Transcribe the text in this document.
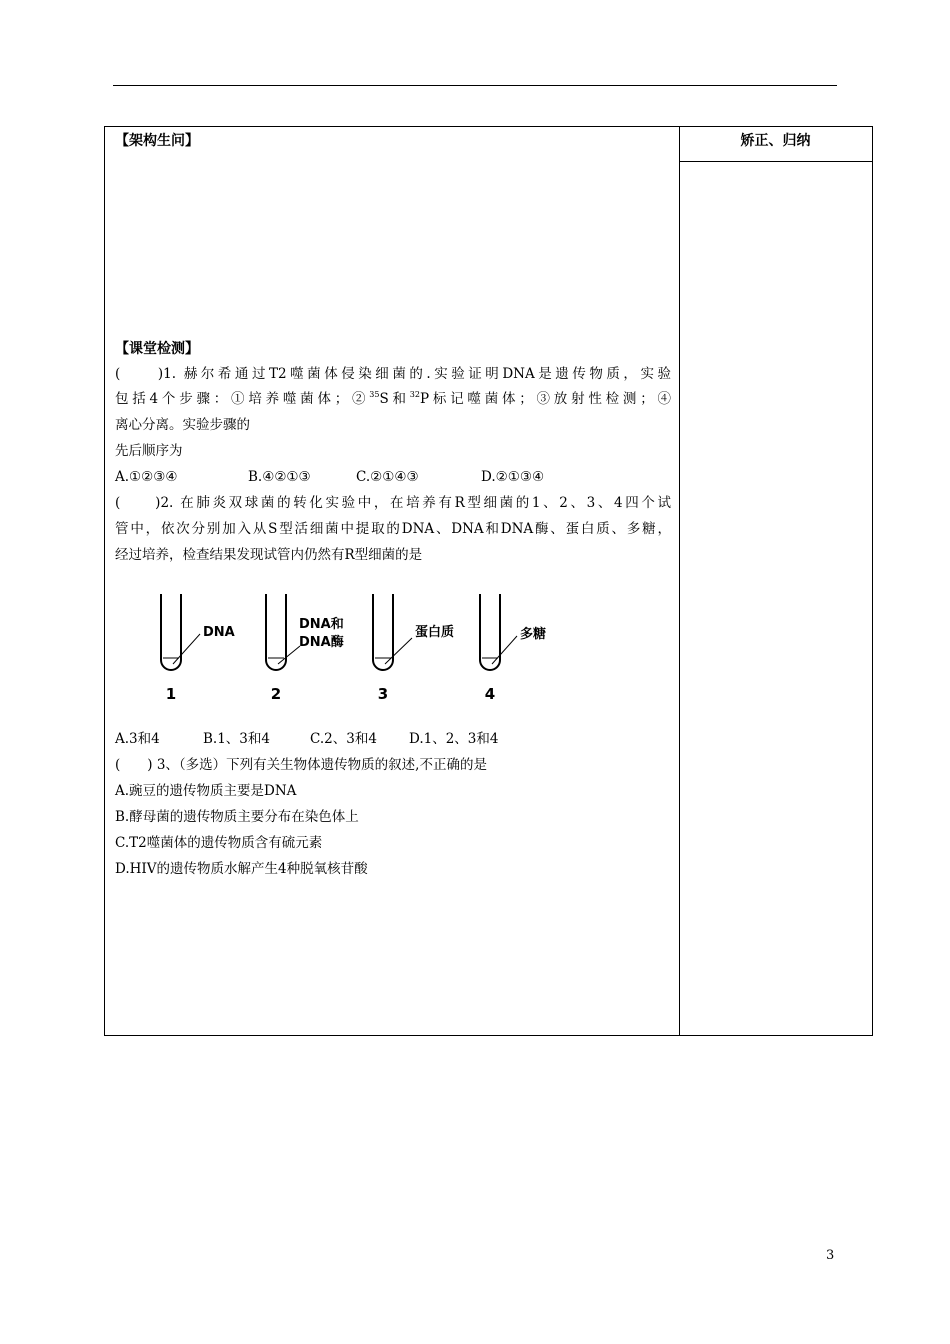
矫正、归纳
【架构生问】
【课堂检测】
(　　)1. 赫尔希通过T2噬菌体侵染细菌的.实验证明DNA是遗传物质，实验
包括4个步骤：①培养噬菌体；②$^{35}$S和$^{32}$P标记噬菌体；③放射性检测；④
离心分离。实验步骤的
先后顺序为
A.①②③④	B.④②①③	C.②①④③	D.②①③④
(　　)2. 在肺炎双球菌的转化实验中，在培养有R型细菌的1、2、3、4四个试
管中，依次分别加入从S型活细菌中提取的DNA、DNA和DNA酶、蛋白质、多糖，
经过培养，检查结果发现试管内仍然有R型细菌的是
DNA
DNA和
DNA酶
蛋白质	多糖
1	2	3	4
A.3和4	B.1、3和4	C.2、3和4 D.1、2、3和4
(　　) 3、（多选）下列有关生物体遗传物质的叙述,不正确的是
A.豌豆的遗传物质主要是DNA
B.酵母菌的遗传物质主要分布在染色体上
C.T2噬菌体的遗传物质含有硫元素
D.HIV的遗传物质水解产生4种脱氧核苷酸
3
